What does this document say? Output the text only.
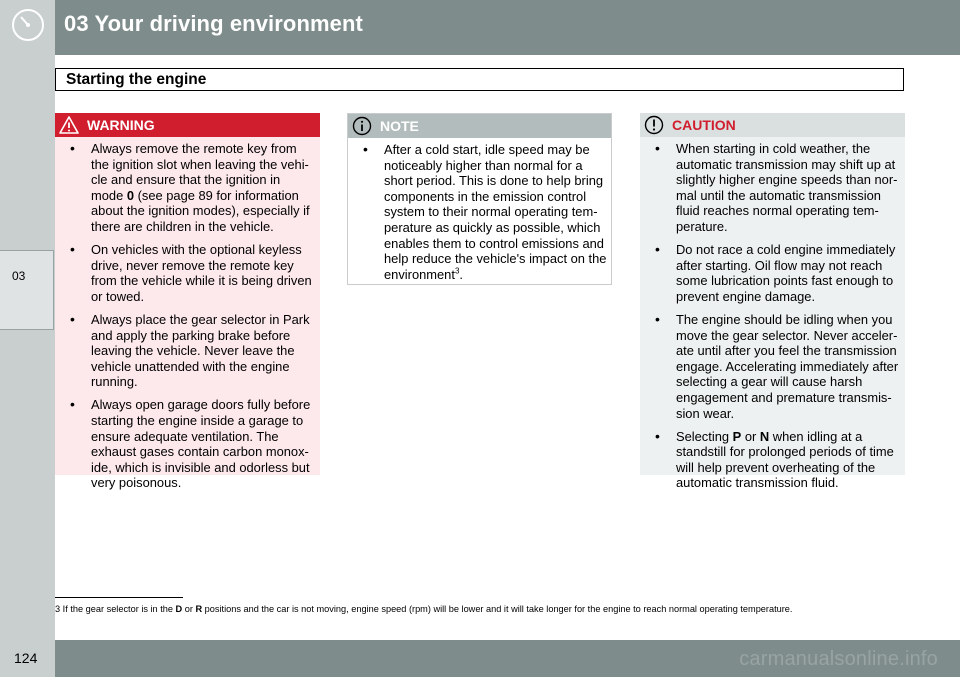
03 Your driving environment
Starting the engine
03
WARNING
• Always remove the remote key from the ignition slot when leaving the vehi-cle and ensure that the ignition in mode 0 (see page 89 for information about the ignition modes), especially if there are children in the vehicle.
• On vehicles with the optional keyless drive, never remove the remote key from the vehicle while it is being driven or towed.
• Always place the gear selector in Park and apply the parking brake before leaving the vehicle. Never leave the vehicle unattended with the engine running.
• Always open garage doors fully before starting the engine inside a garage to ensure adequate ventilation. The exhaust gases contain carbon monox-ide, which is invisible and odorless but very poisonous.
NOTE
• After a cold start, idle speed may be noticeably higher than normal for a short period. This is done to help bring components in the emission control system to their normal operating tem-perature as quickly as possible, which enables them to control emissions and help reduce the vehicle's impact on the environment$^3$.
CAUTION
• When starting in cold weather, the automatic transmission may shift up at slightly higher engine speeds than nor-mal until the automatic transmission fluid reaches normal operating tem-perature.
• Do not race a cold engine immediately after starting. Oil flow may not reach some lubrication points fast enough to prevent engine damage.
• The engine should be idling when you move the gear selector. Never acceler-ate until after you feel the transmission engage. Accelerating immediately after selecting a gear will cause harsh engagement and premature transmis-sion wear.
• Selecting P or N when idling at a standstill for prolonged periods of time will help prevent overheating of the automatic transmission fluid.
3 If the gear selector is in the D or R positions and the car is not moving, engine speed (rpm) will be lower and it will take longer for the engine to reach normal operating temperature.
124	carmanualsonline.info
